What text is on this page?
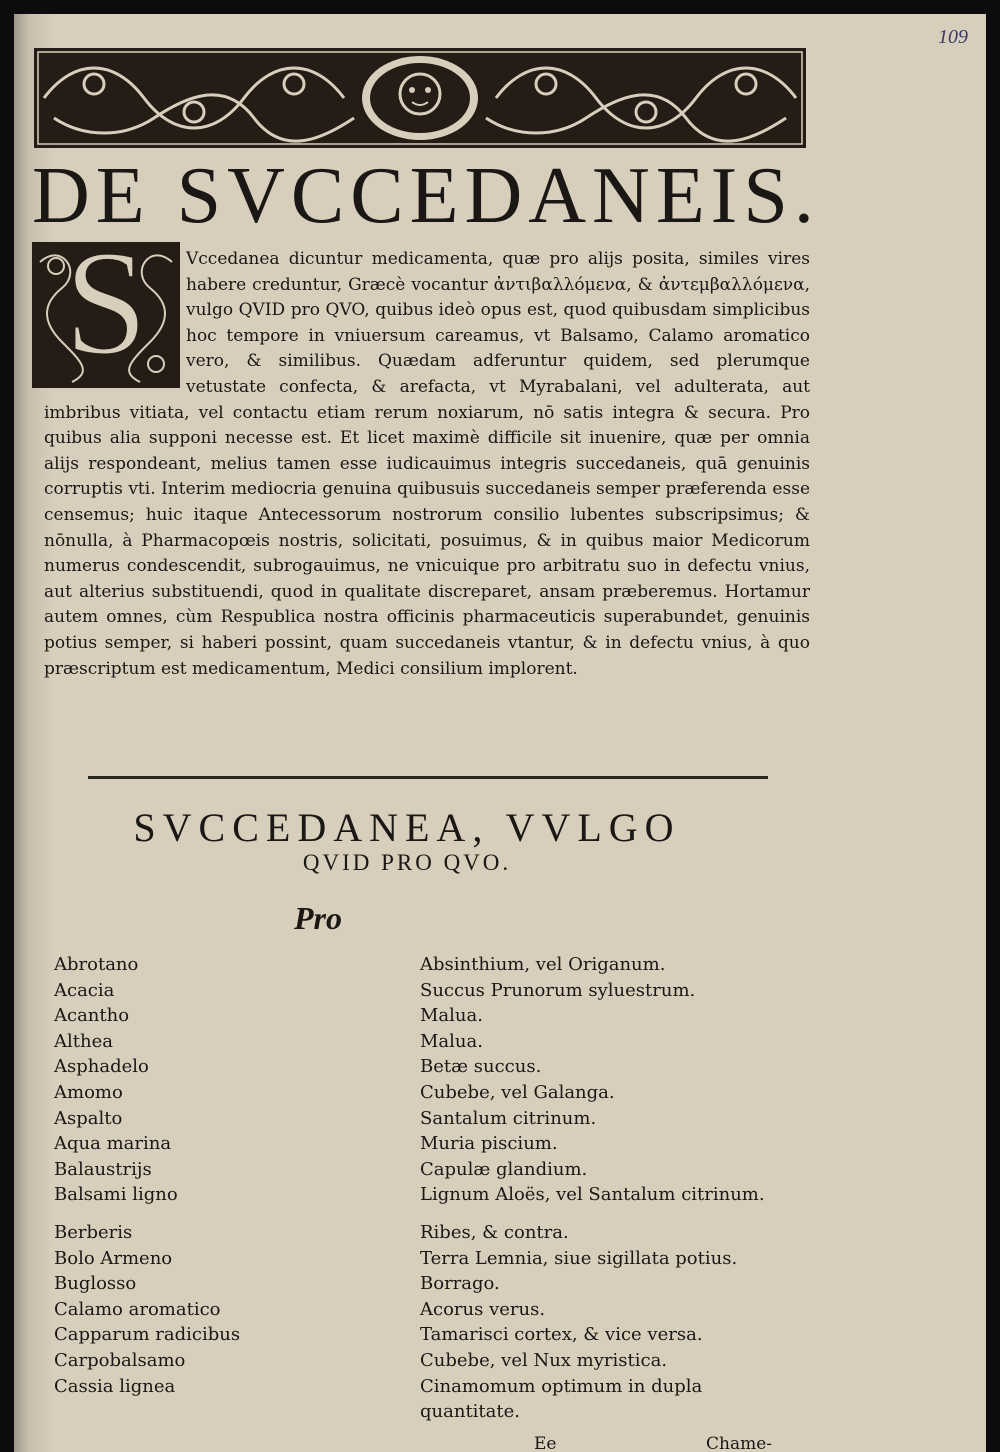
109
DE SVCCEDANEIS.
S	Vccedanea dicuntur medicamenta, quæ pro alijs posita, similes vires habere creduntur, Græcè vocantur ἀντιβαλλόμενα, & ἀντεμβαλλόμενα, vulgo QVID pro QVO, quibus ideò opus est, quod quibusdam simplicibus hoc tempore in vniuersum careamus, vt Balsamo, Calamo aromatico vero, & similibus. Quædam adferuntur quidem, sed plerumque vetustate confecta, & arefacta, vt Myrabalani, vel adulterata, aut imbribus vitiata, vel contactu etiam rerum noxiarum, nō satis integra & secura. Pro quibus alia supponi necesse est. Et licet maximè difficile sit inuenire, quæ per omnia alijs respondeant, melius tamen esse iudicauimus integris succedaneis, quā genuinis corruptis vti. Interim mediocria genuina quibusuis succedaneis semper præferenda esse censemus; huic itaque Antecessorum nostrorum consilio lubentes subscripsimus; & nōnulla, à Pharmacopœis nostris, solicitati, posuimus, & in quibus maior Medicorum numerus condescendit, subrogauimus, ne vnicuique pro arbitratu suo in defectu vnius, aut alterius substituendi, quod in qualitate discreparet, ansam præberemus. Hortamur autem omnes, cùm Respublica nostra officinis pharmaceuticis superabundet, genuinis potius semper, si haberi possint, quam succedaneis vtantur, & in defectu vnius, à quo præscriptum est medicamentum, Medici consilium implorent.
SVCCEDANEA, VVLGO
QVID PRO QVO.
Pro
Abrotano	Absinthium, vel Origanum.
Acacia	Succus Prunorum syluestrum.
Acantho	Malua.
Althea	Malua.
Asphadelo	Betæ succus.
Amomo	Cubebe, vel Galanga.
Aspalto	Santalum citrinum.
Aqua marina	Muria piscium.
Balaustrijs	Capulæ glandium.
Balsami ligno	Lignum Aloës, vel Santalum citrinum.
Berberis	Ribes, & contra.
Bolo Armeno	Terra Lemnia, siue sigillata potius.
Buglosso	Borrago.
Calamo aromatico	Acorus verus.
Capparum radicibus	Tamarisci cortex, & vice versa.
Carpobalsamo	Cubebe, vel Nux myristica.
Cassia lignea	Cinamomum optimum in dupla quantitate.
Ee	Chame-
